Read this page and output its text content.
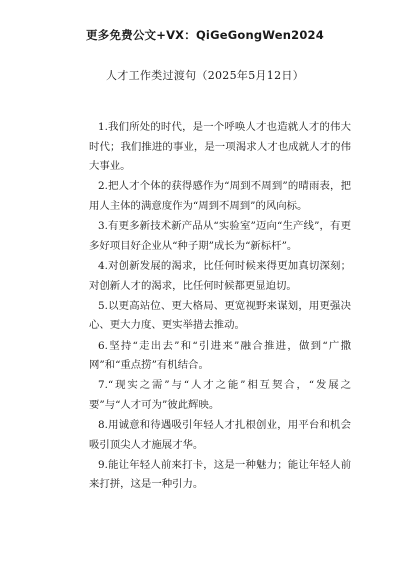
更多免费公文+VX：QiGeGongWen2024
人才工作类过渡句（2025年5月12日）

1.我们所处的时代，是一个呼唤人才也造就人才的伟大时代；我们推进的事业，是一项渴求人才也成就人才的伟大事业。

2.把人才个体的获得感作为“周到不周到”的晴雨表，把用人主体的满意度作为“周到不周到”的风向标。

3.有更多新技术新产品从“实验室”迈向“生产线”，有更多好项目好企业从“种子期”成长为“新标杆”。

4.对创新发展的渴求，比任何时候来得更加真切深刻；对创新人才的渴求，比任何时候都更显迫切。

5.以更高站位、更大格局、更宽视野来谋划，用更强决心、更大力度、更实举措去推动。

6.坚持“走出去”和“引进来”融合推进，做到“广撒网”和“重点捞”有机结合。

7.“现实之需”与“人才之能”相互契合，“发展之要”与“人才可为”彼此辉映。

8.用诚意和待遇吸引年轻人才扎根创业，用平台和机会吸引顶尖人才施展才华。

9.能让年轻人前来打卡，这是一种魅力；能让年轻人前来打拼，这是一种引力。
